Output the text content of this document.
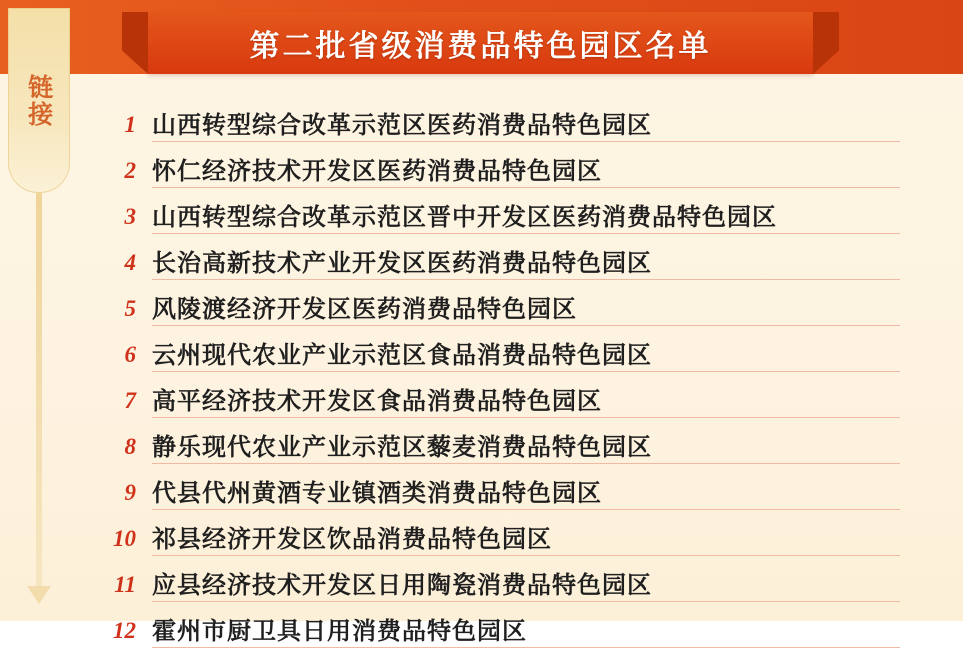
链接
第二批省级消费品特色园区名单
1 山西转型综合改革示范区医药消费品特色园区
2 怀仁经济技术开发区医药消费品特色园区
3 山西转型综合改革示范区晋中开发区医药消费品特色园区
4 长治高新技术产业开发区医药消费品特色园区
5 风陵渡经济开发区医药消费品特色园区
6 云州现代农业产业示范区食品消费品特色园区
7 高平经济技术开发区食品消费品特色园区
8 静乐现代农业产业示范区藜麦消费品特色园区
9 代县代州黄酒专业镇酒类消费品特色园区
10 祁县经济开发区饮品消费品特色园区
11 应县经济技术开发区日用陶瓷消费品特色园区
12 霍州市厨卫具日用消费品特色园区
